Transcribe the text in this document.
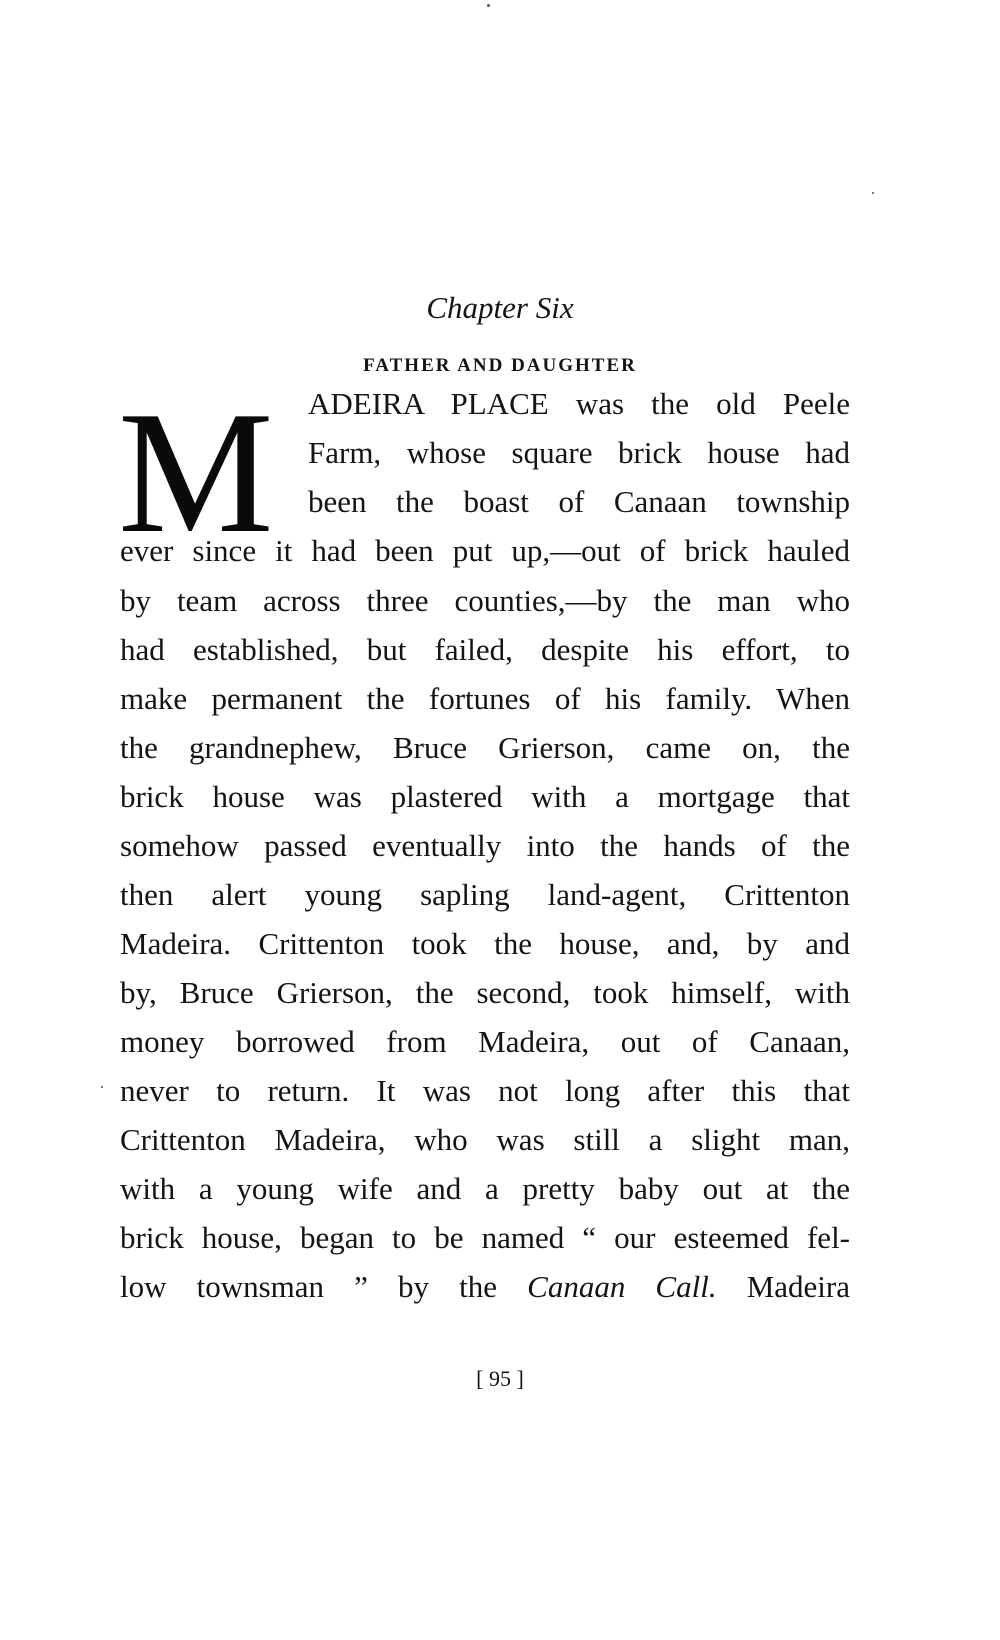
Chapter Six
FATHER AND DAUGHTER
M ADEIRA PLACE was the old Peele
Farm, whose square brick house had
been the boast of Canaan township
ever since it had been put up,—out of brick hauled
by team across three counties,—by the man who
had established, but failed, despite his effort, to
make permanent the fortunes of his family. When
the grandnephew, Bruce Grierson, came on, the
brick house was plastered with a mortgage that
somehow passed eventually into the hands of the
then alert young sapling land-agent, Crittenton
Madeira. Crittenton took the house, and, by and
by, Bruce Grierson, the second, took himself, with
money borrowed from Madeira, out of Canaan,
never to return. It was not long after this that
Crittenton Madeira, who was still a slight man,
with a young wife and a pretty baby out at the
brick house, began to be named “ our esteemed fel-
low townsman ” by the Canaan Call. Madeira
[ 95 ]
